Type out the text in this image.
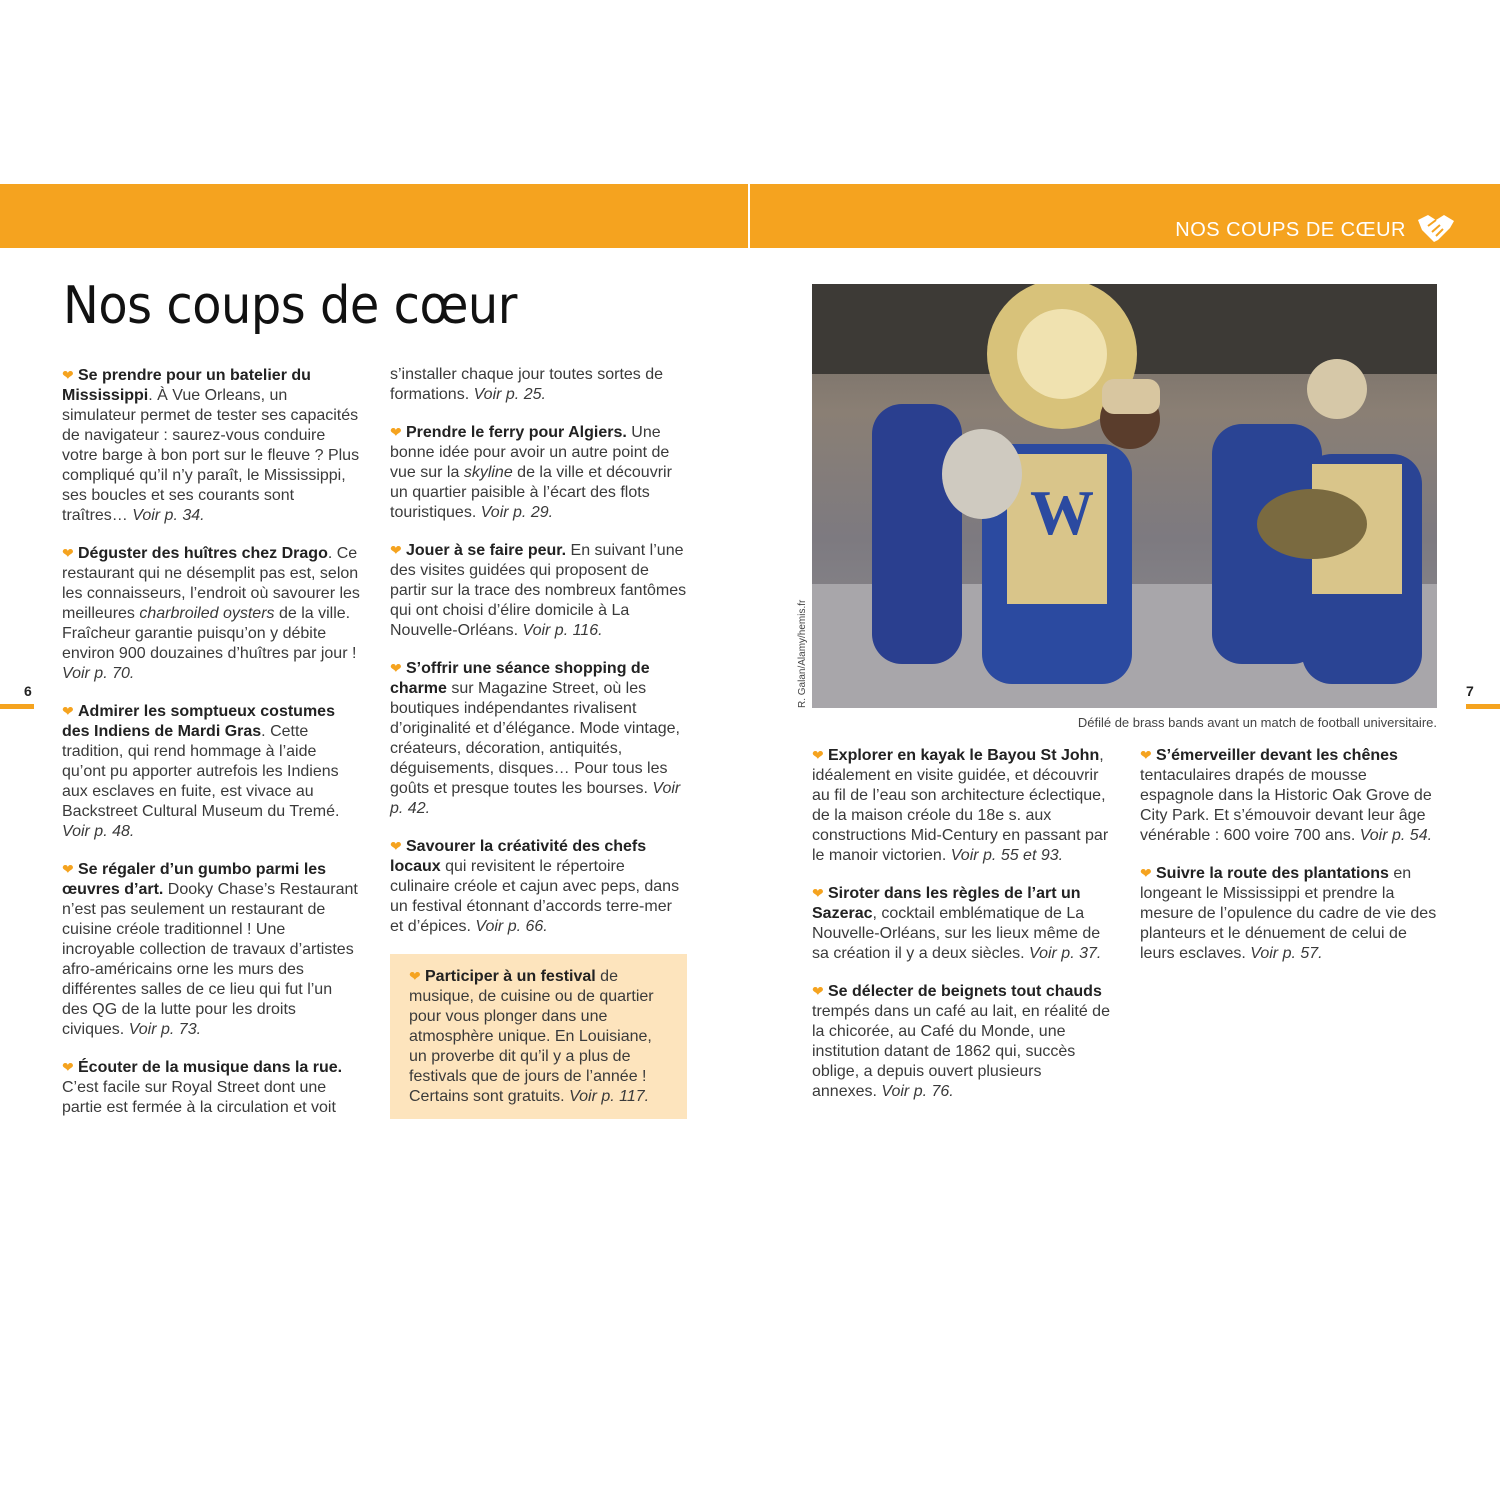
NOS COUPS DE CŒUR
Nos coups de cœur

❤ Se prendre pour un batelier du Mississippi. À Vue Orleans, un simulateur permet de tester ses capacités de navigateur : saurez-vous conduire votre barge à bon port sur le fleuve ? Plus compliqué qu’il n’y paraît, le Mississippi, ses boucles et ses courants sont traîtres… Voir p. 34.

❤ Déguster des huîtres chez Drago. Ce restaurant qui ne désemplit pas est, selon les connaisseurs, l’endroit où savourer les meilleures charbroiled oysters de la ville. Fraîcheur garantie puisqu’on y débite environ 900 douzaines d’huîtres par jour ! Voir p. 70.

❤ Admirer les somptueux costumes des Indiens de Mardi Gras. Cette tradition, qui rend hommage à l’aide qu’ont pu apporter autrefois les Indiens aux esclaves en fuite, est vivace au Backstreet Cultural Museum du Tremé. Voir p. 48.

❤ Se régaler d’un gumbo parmi les œuvres d’art. Dooky Chase’s Restaurant n’est pas seulement un restaurant de cuisine créole traditionnel ! Une incroyable collection de travaux d’artistes afro-américains orne les murs des différentes salles de ce lieu qui fut l’un des QG de la lutte pour les droits civiques. Voir p. 73.

❤ Écouter de la musique dans la rue. C’est facile sur Royal Street dont une partie est fermée à la circulation et voit

s’installer chaque jour toutes sortes de formations. Voir p. 25.

❤ Prendre le ferry pour Algiers. Une bonne idée pour avoir un autre point de vue sur la skyline de la ville et découvrir un quartier paisible à l’écart des flots touristiques. Voir p. 29.

❤ Jouer à se faire peur. En suivant l’une des visites guidées qui proposent de partir sur la trace des nombreux fantômes qui ont choisi d’élire domicile à La Nouvelle-Orléans. Voir p. 116.

❤ S’offrir une séance shopping de charme sur Magazine Street, où les boutiques indépendantes rivalisent d’originalité et d’élégance. Mode vintage, créateurs, décoration, antiquités, déguisements, disques… Pour tous les goûts et presque toutes les bourses. Voir p. 42.

❤ Savourer la créativité des chefs locaux qui revisitent le répertoire culinaire créole et cajun avec peps, dans un festival étonnant d’accords terre-mer et d’épices. Voir p. 66.

❤ Participer à un festival de musique, de cuisine ou de quartier pour vous plonger dans une atmosphère unique. En Louisiane, un proverbe dit qu’il y a plus de festivals que de jours de l’année ! Certains sont gratuits. Voir p. 117.

❤ Explorer en kayak le Bayou St John, idéalement en visite guidée, et découvrir au fil de l’eau son architecture éclectique, de la maison créole du 18e s. aux constructions Mid-Century en passant par le manoir victorien. Voir p. 55 et 93.

❤ Siroter dans les règles de l’art un Sazerac, cocktail emblématique de La Nouvelle-Orléans, sur les lieux même de sa création il y a deux siècles. Voir p. 37.

❤ Se délecter de beignets tout chauds trempés dans un café au lait, en réalité de la chicorée, au Café du Monde, une institution datant de 1862 qui, succès oblige, a depuis ouvert plusieurs annexes. Voir p. 76.

❤ S’émerveiller devant les chênes tentaculaires drapés de mousse espagnole dans la Historic Oak Grove de City Park. Et s’émouvoir devant leur âge vénérable : 600 voire 700 ans. Voir p. 54.

❤ Suivre la route des plantations en longeant le Mississippi et prendre la mesure de l’opulence du cadre de vie des planteurs et le dénuement de celui de leurs esclaves. Voir p. 57.

6	7
W
R. Galan/Alamy/hemis.fr
Défilé de brass bands avant un match de football universitaire.
